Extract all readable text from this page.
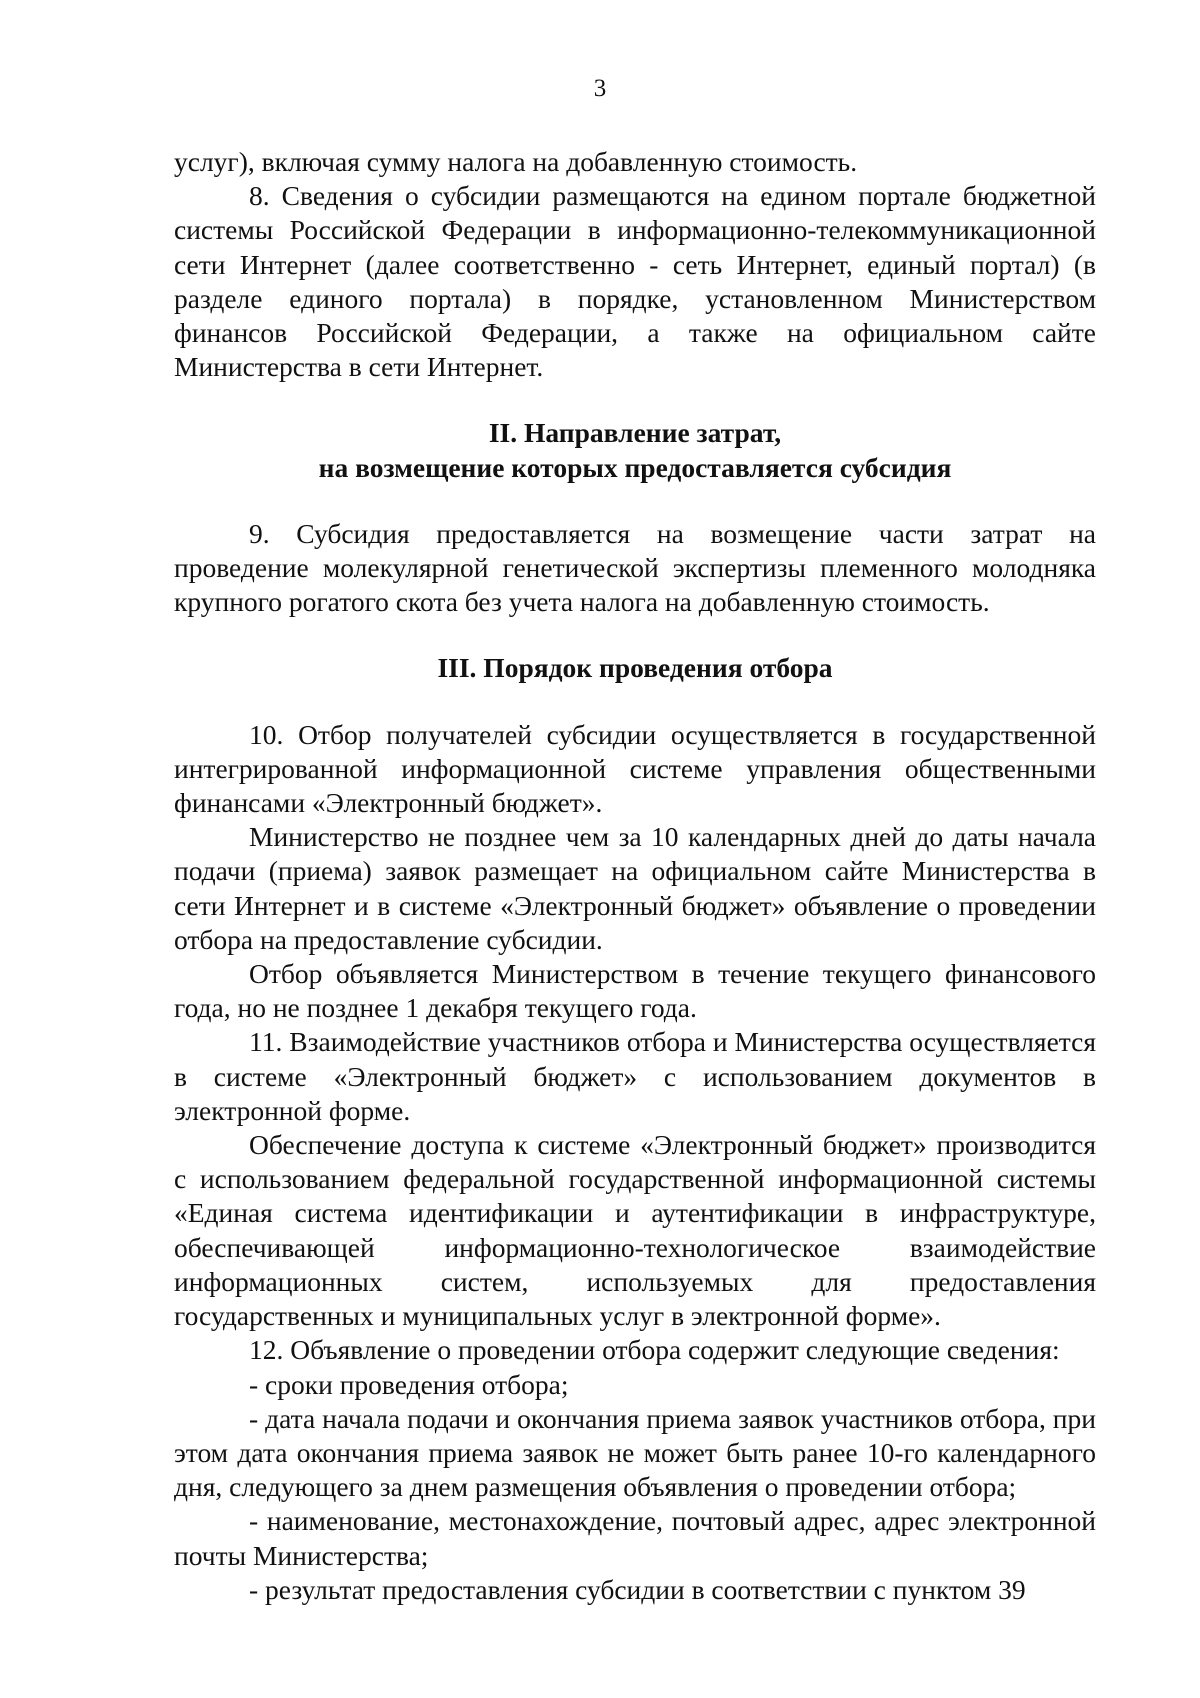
3

услуг), включая сумму налога на добавленную стоимость.

8. Сведения о субсидии размещаются на едином портале бюджетной системы Российской Федерации в информационно-телекоммуникационной сети Интернет (далее соответственно - сеть Интернет, единый портал) (в разделе единого портала) в порядке, установленном Министерством финансов Российской Федерации, а также на официальном сайте Министерства в сети Интернет.

II. Направление затрат,
на возмещение которых предоставляется субсидия

9. Субсидия предоставляется на возмещение части затрат на проведение молекулярной генетической экспертизы племенного молодняка крупного рогатого скота без учета налога на добавленную стоимость.

III. Порядок проведения отбора

10. Отбор получателей субсидии осуществляется в государственной интегрированной информационной системе управления общественными финансами «Электронный бюджет».

Министерство не позднее чем за 10 календарных дней до даты начала подачи (приема) заявок размещает на официальном сайте Министерства в сети Интернет и в системе «Электронный бюджет» объявление о проведении отбора на предоставление субсидии.

Отбор объявляется Министерством в течение текущего финансового года, но не позднее 1 декабря текущего года.

11. Взаимодействие участников отбора и Министерства осуществляется в системе «Электронный бюджет» с использованием документов в электронной форме.

Обеспечение доступа к системе «Электронный бюджет» производится с использованием федеральной государственной информационной системы «Единая система идентификации и аутентификации в инфраструктуре, обеспечивающей информационно-технологическое взаимодействие информационных систем, используемых для предоставления государственных и муниципальных услуг в электронной форме».

12. Объявление о проведении отбора содержит следующие сведения:

- сроки проведения отбора;

- дата начала подачи и окончания приема заявок участников отбора, при этом дата окончания приема заявок не может быть ранее 10-го календарного дня, следующего за днем размещения объявления о проведении отбора;

- наименование, местонахождение, почтовый адрес, адрес электронной почты Министерства;

- результат предоставления субсидии в соответствии с пунктом 39
